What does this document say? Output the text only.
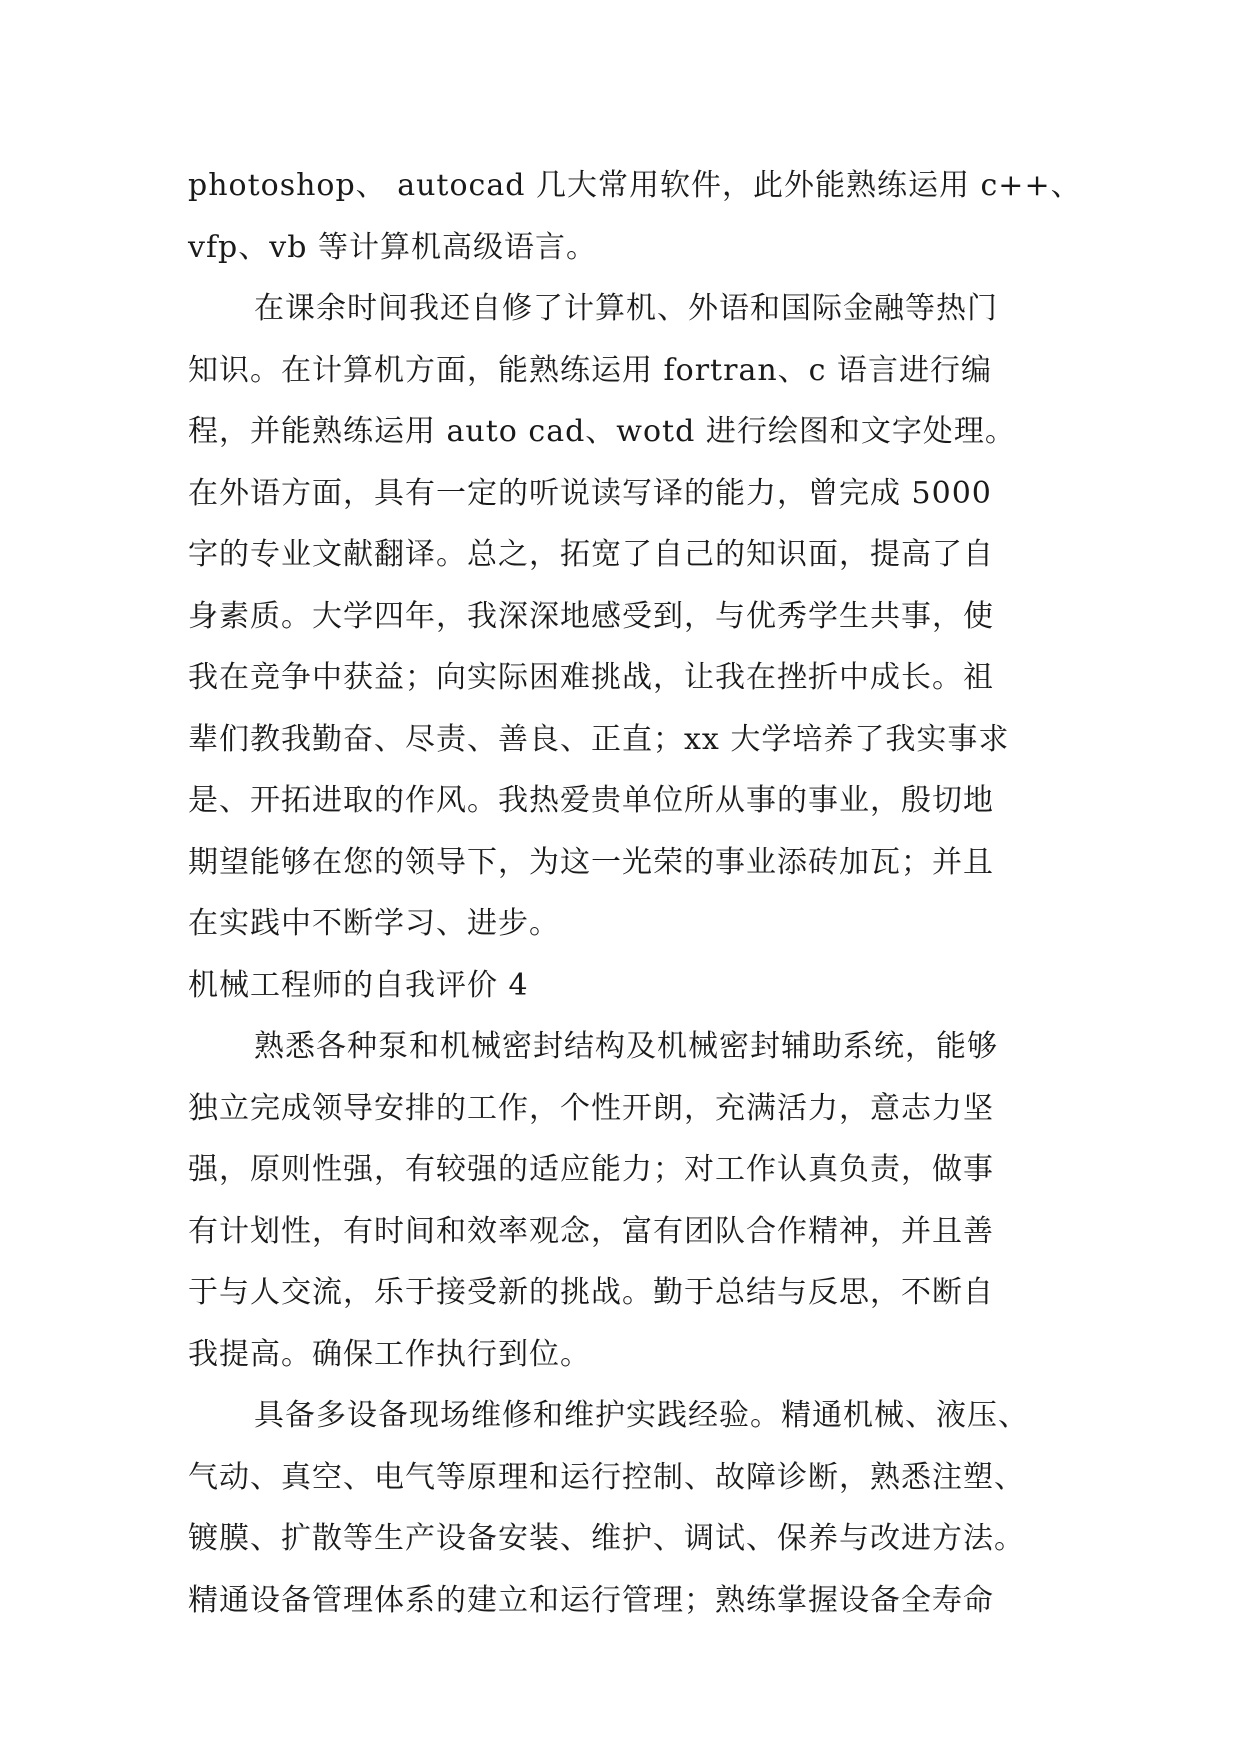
photoshop、 autocad 几大常用软件，此外能熟练运用 c++、
vfp、vb 等计算机高级语言。
在课余时间我还自修了计算机、外语和国际金融等热门
知识。在计算机方面，能熟练运用 fortran、c 语言进行编
程，并能熟练运用 auto cad、wotd 进行绘图和文字处理。
在外语方面，具有一定的听说读写译的能力，曾完成 5000
字的专业文献翻译。总之，拓宽了自己的知识面，提高了自
身素质。大学四年，我深深地感受到，与优秀学生共事，使
我在竞争中获益；向实际困难挑战，让我在挫折中成长。祖
辈们教我勤奋、尽责、善良、正直；xx 大学培养了我实事求
是、开拓进取的作风。我热爱贵单位所从事的事业，殷切地
期望能够在您的领导下，为这一光荣的事业添砖加瓦；并且
在实践中不断学习、进步。
机械工程师的自我评价 4
熟悉各种泵和机械密封结构及机械密封辅助系统，能够
独立完成领导安排的工作，个性开朗，充满活力，意志力坚
强，原则性强，有较强的适应能力；对工作认真负责，做事
有计划性，有时间和效率观念，富有团队合作精神，并且善
于与人交流，乐于接受新的挑战。勤于总结与反思，不断自
我提高。确保工作执行到位。
具备多设备现场维修和维护实践经验。精通机械、液压、
气动、真空、电气等原理和运行控制、故障诊断，熟悉注塑、
镀膜、扩散等生产设备安装、维护、调试、保养与改进方法。
精通设备管理体系的建立和运行管理；熟练掌握设备全寿命
